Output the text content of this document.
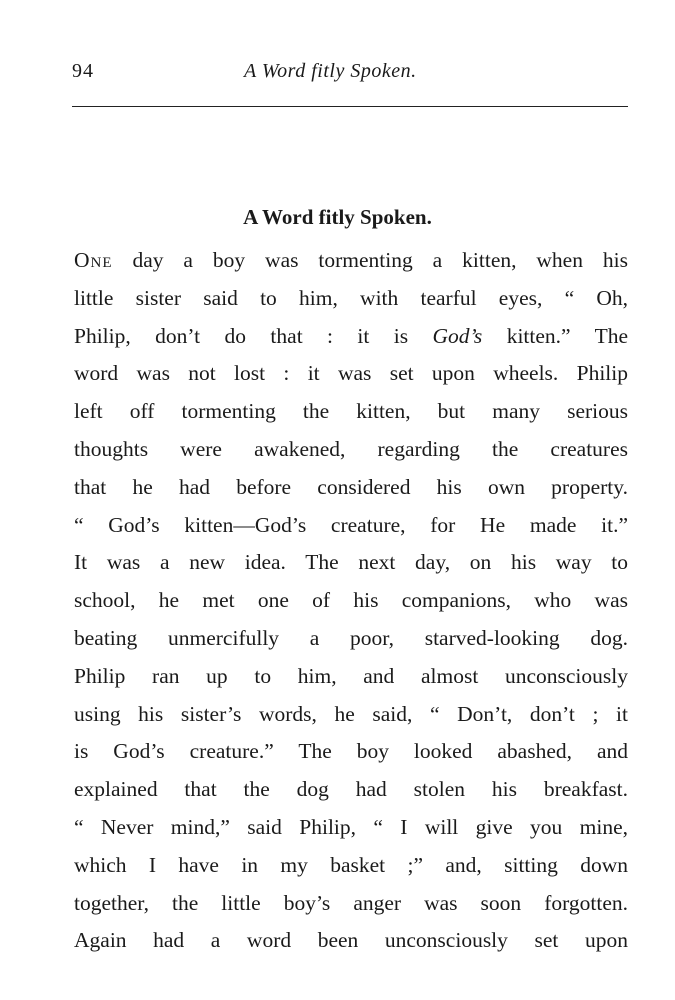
94	A Word fitly Spoken.
A Word fitly Spoken.
One day a boy was tormenting a kitten, when his
little sister said to him, with tearful eyes, “ Oh,
Philip, don’t do that : it is God’s kitten.” The
word was not lost : it was set upon wheels. Philip
left off tormenting the kitten, but many serious
thoughts were awakened, regarding the creatures
that he had before considered his own property.
“ God’s kitten—God’s creature, for He made it.”
It was a new idea. The next day, on his way to
school, he met one of his companions, who was
beating unmercifully a poor, starved-looking dog.
Philip ran up to him, and almost unconsciously
using his sister’s words, he said, “ Don’t, don’t ; it
is God’s creature.” The boy looked abashed, and
explained that the dog had stolen his breakfast.
“ Never mind,” said Philip, “ I will give you mine,
which I have in my basket ;” and, sitting down
together, the little boy’s anger was soon forgotten.
Again had a word been unconsciously set upon
